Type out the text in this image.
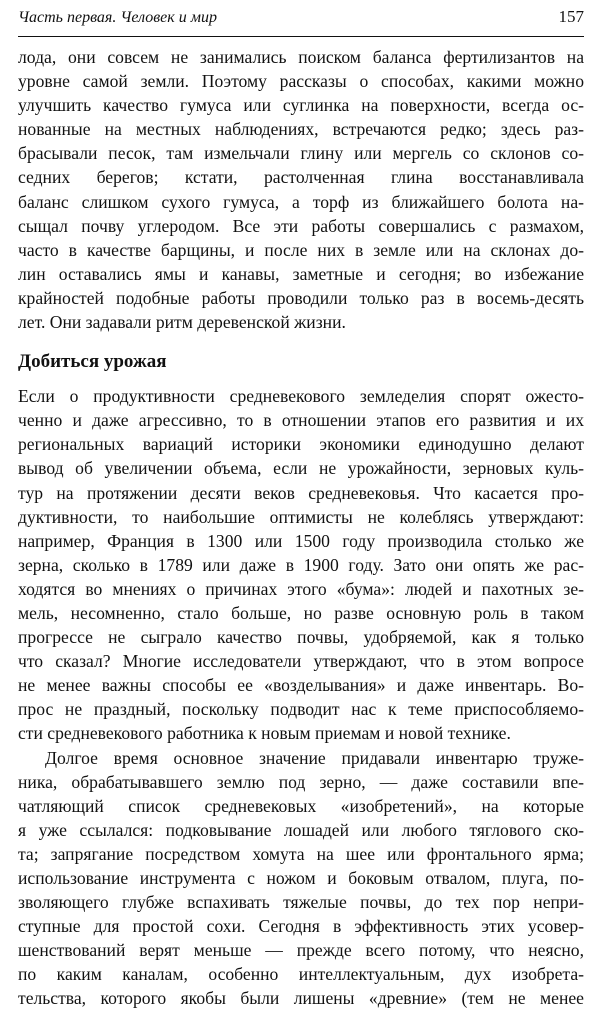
Часть первая. Человек и мир	157
лода, они совсем не занимались поиском баланса фертилизантов на
уровне самой земли. Поэтому рассказы о способах, какими можно
улучшить качество гумуса или суглинка на поверхности, всегда ос-
нованные на местных наблюдениях, встречаются редко; здесь раз-
брасывали песок, там измельчали глину или мергель со склонов со-
седних берегов; кстати, растолченная глина восстанавливала
баланс слишком сухого гумуса, а торф из ближайшего болота на-
сыщал почву углеродом. Все эти работы совершались с размахом,
часто в качестве барщины, и после них в земле или на склонах до-
лин оставались ямы и канавы, заметные и сегодня; во избежание
крайностей подобные работы проводили только раз в восемь-десять
лет. Они задавали ритм деревенской жизни.
Добиться урожая
Если о продуктивности средневекового земледелия спорят ожесто-
ченно и даже агрессивно, то в отношении этапов его развития и их
региональных вариаций историки экономики единодушно делают
вывод об увеличении объема, если не урожайности, зерновых куль-
тур на протяжении десяти веков средневековья. Что касается про-
дуктивности, то наибольшие оптимисты не колеблясь утверждают:
например, Франция в 1300 или 1500 году производила столько же
зерна, сколько в 1789 или даже в 1900 году. Зато они опять же рас-
ходятся во мнениях о причинах этого «бума»: людей и пахотных зе-
мель, несомненно, стало больше, но разве основную роль в таком
прогрессе не сыграло качество почвы, удобряемой, как я только
что сказал? Многие исследователи утверждают, что в этом вопросе
не менее важны способы ее «возделывания» и даже инвентарь. Во-
прос не праздный, поскольку подводит нас к теме приспособляемо-
сти средневекового работника к новым приемам и новой технике.
Долгое время основное значение придавали инвентарю труже-
ника, обрабатывавшего землю под зерно, — даже составили впе-
чатляющий список средневековых «изобретений», на которые
я уже ссылался: подковывание лошадей или любого тяглового ско-
та; запрягание посредством хомута на шее или фронтального ярма;
использование инструмента с ножом и боковым отвалом, плуга, по-
зволяющего глубже вспахивать тяжелые почвы, до тех пор непри-
ступные для простой сохи. Сегодня в эффективность этих усовер-
шенствований верят меньше — прежде всего потому, что неясно,
по каким каналам, особенно интеллектуальным, дух изобрета-
тельства, которого якобы были лишены «древние» (тем не менее
